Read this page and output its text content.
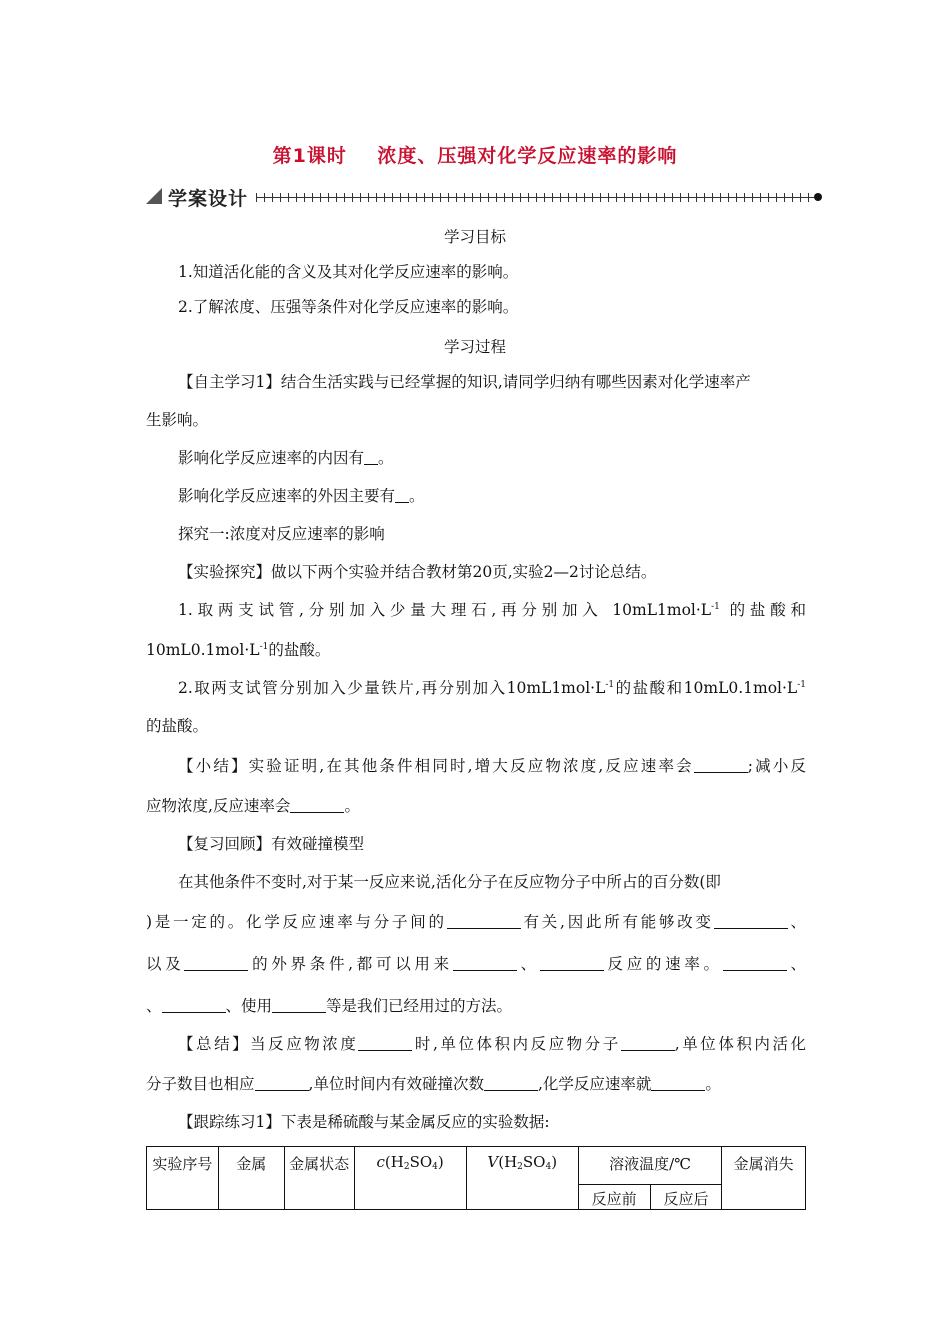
第1课时    浓度、压强对化学反应速率的影响
学案设计
学习目标
1.知道活化能的含义及其对化学反应速率的影响。
2.了解浓度、压强等条件对化学反应速率的影响。
学习过程
【自主学习1】结合生活实践与已经掌握的知识,请同学归纳有哪些因素对化学速率产
生影响。
影响化学反应速率的内因有 。
影响化学反应速率的外因主要有 。
探究一:浓度对反应速率的影响
【实验探究】做以下两个实验并结合教材第20页,实验2—2讨论总结。
1.取两支试管,分别加入少量大理石,再分别加入 $10mL1mol\cdot L^{-1}$ 的盐酸和
$10mL0.1mol\cdot L^{-1}$的盐酸。
2.取两支试管分别加入少量铁片,再分别加入$10mL1mol\cdot L^{-1}$的盐酸和$10mL0.1mol\cdot L^{-1}$
的盐酸。
【小结】实验证明,在其他条件相同时,增大反应物浓度,反应速率会	;减小反
应物浓度,反应速率会	。
【复习回顾】有效碰撞模型
在其他条件不变时,对于某一反应来说,活化分子在反应物分子中所占的百分数(即
)是一定的。化学反应速率与分子间的	有关,因此所有能够改变	、
以及	的外界条件,都可以用来	、	反应的速率。	、
、	、使用	等是我们已经用过的方法。
【总结】当反应物浓度	时,单位体积内反应物分子	,单位体积内活化
分子数目也相应	,单位时间内有效碰撞次数	,化学反应速率就	。
【跟踪练习1】下表是稀硫酸与某金属反应的实验数据:
实验序号	金属	金属状态	$c(H_2SO_4)$	$V(H_2SO_4)$	溶液温度/℃		金属消失
					反应前	反应后	
